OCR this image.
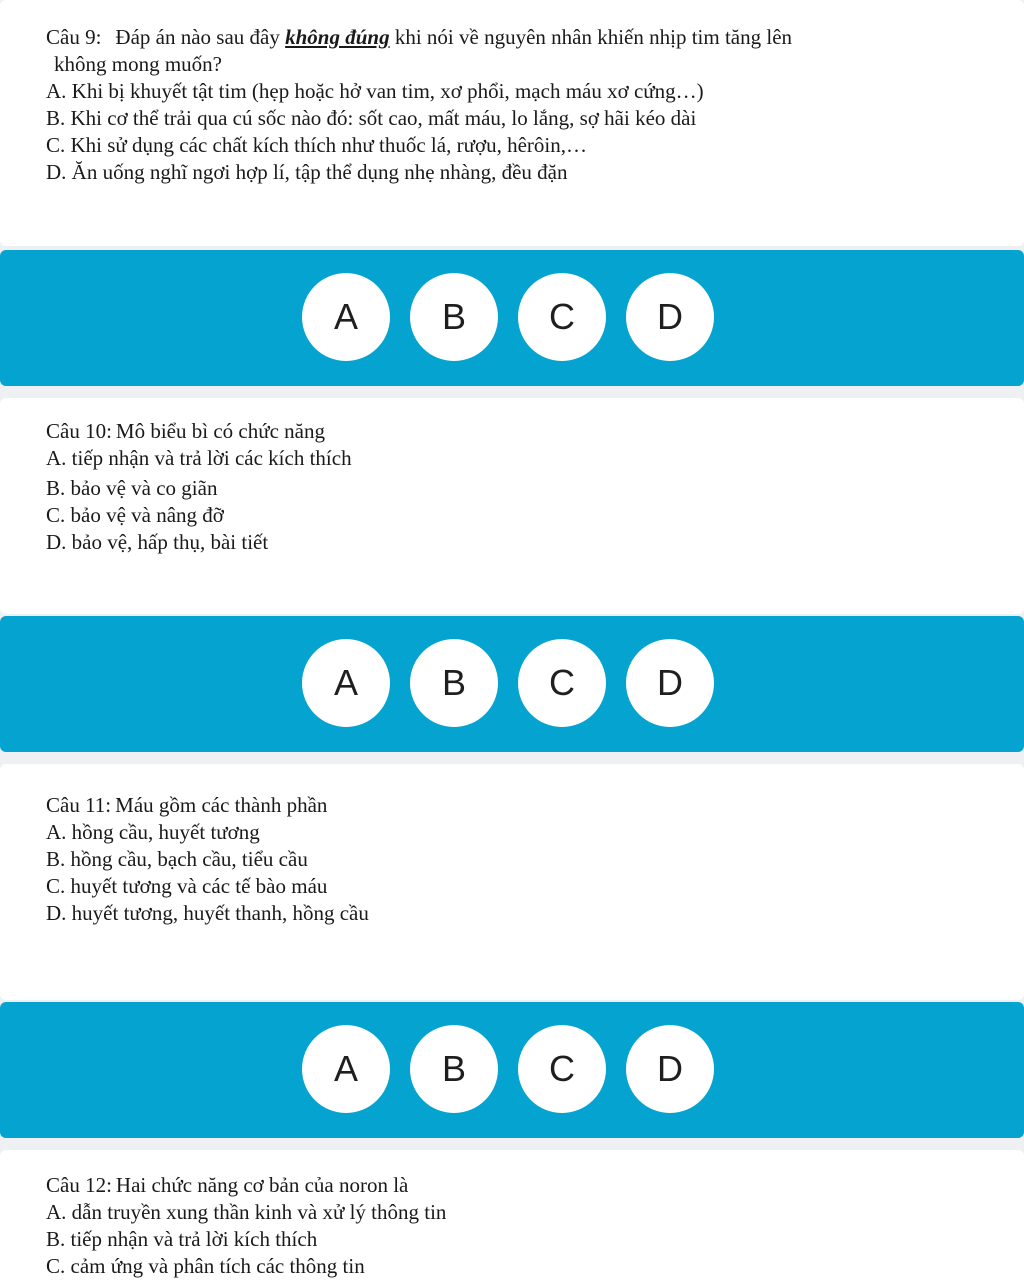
Câu 9: Đáp án nào sau đây không đúng khi nói về nguyên nhân khiến nhịp tim tăng lên
không mong muốn?
A. Khi bị khuyết tật tim (hẹp hoặc hở van tim, xơ phổi, mạch máu xơ cứng…)
B. Khi cơ thể trải qua cú sốc nào đó: sốt cao, mất máu, lo lắng, sợ hãi kéo dài
C. Khi sử dụng các chất kích thích như thuốc lá, rượu, hêrôin,…
D. Ăn uống nghĩ ngơi hợp lí, tập thể dụng nhẹ nhàng, đều đặn
A	B	C	D
Câu 10: Mô biểu bì có chức năng
A. tiếp nhận và trả lời các kích thích
B. bảo vệ và co giãn
C. bảo vệ và nâng đỡ
D. bảo vệ, hấp thụ, bài tiết
A	B	C	D
Câu 11: Máu gồm các thành phần
A. hồng cầu, huyết tương
B. hồng cầu, bạch cầu, tiểu cầu
C. huyết tương và các tế bào máu
D. huyết tương, huyết thanh, hồng cầu
A	B	C	D
Câu 12: Hai chức năng cơ bản của noron là
A. dẫn truyền xung thần kinh và xử lý thông tin
B. tiếp nhận và trả lời kích thích
C. cảm ứng và phân tích các thông tin
